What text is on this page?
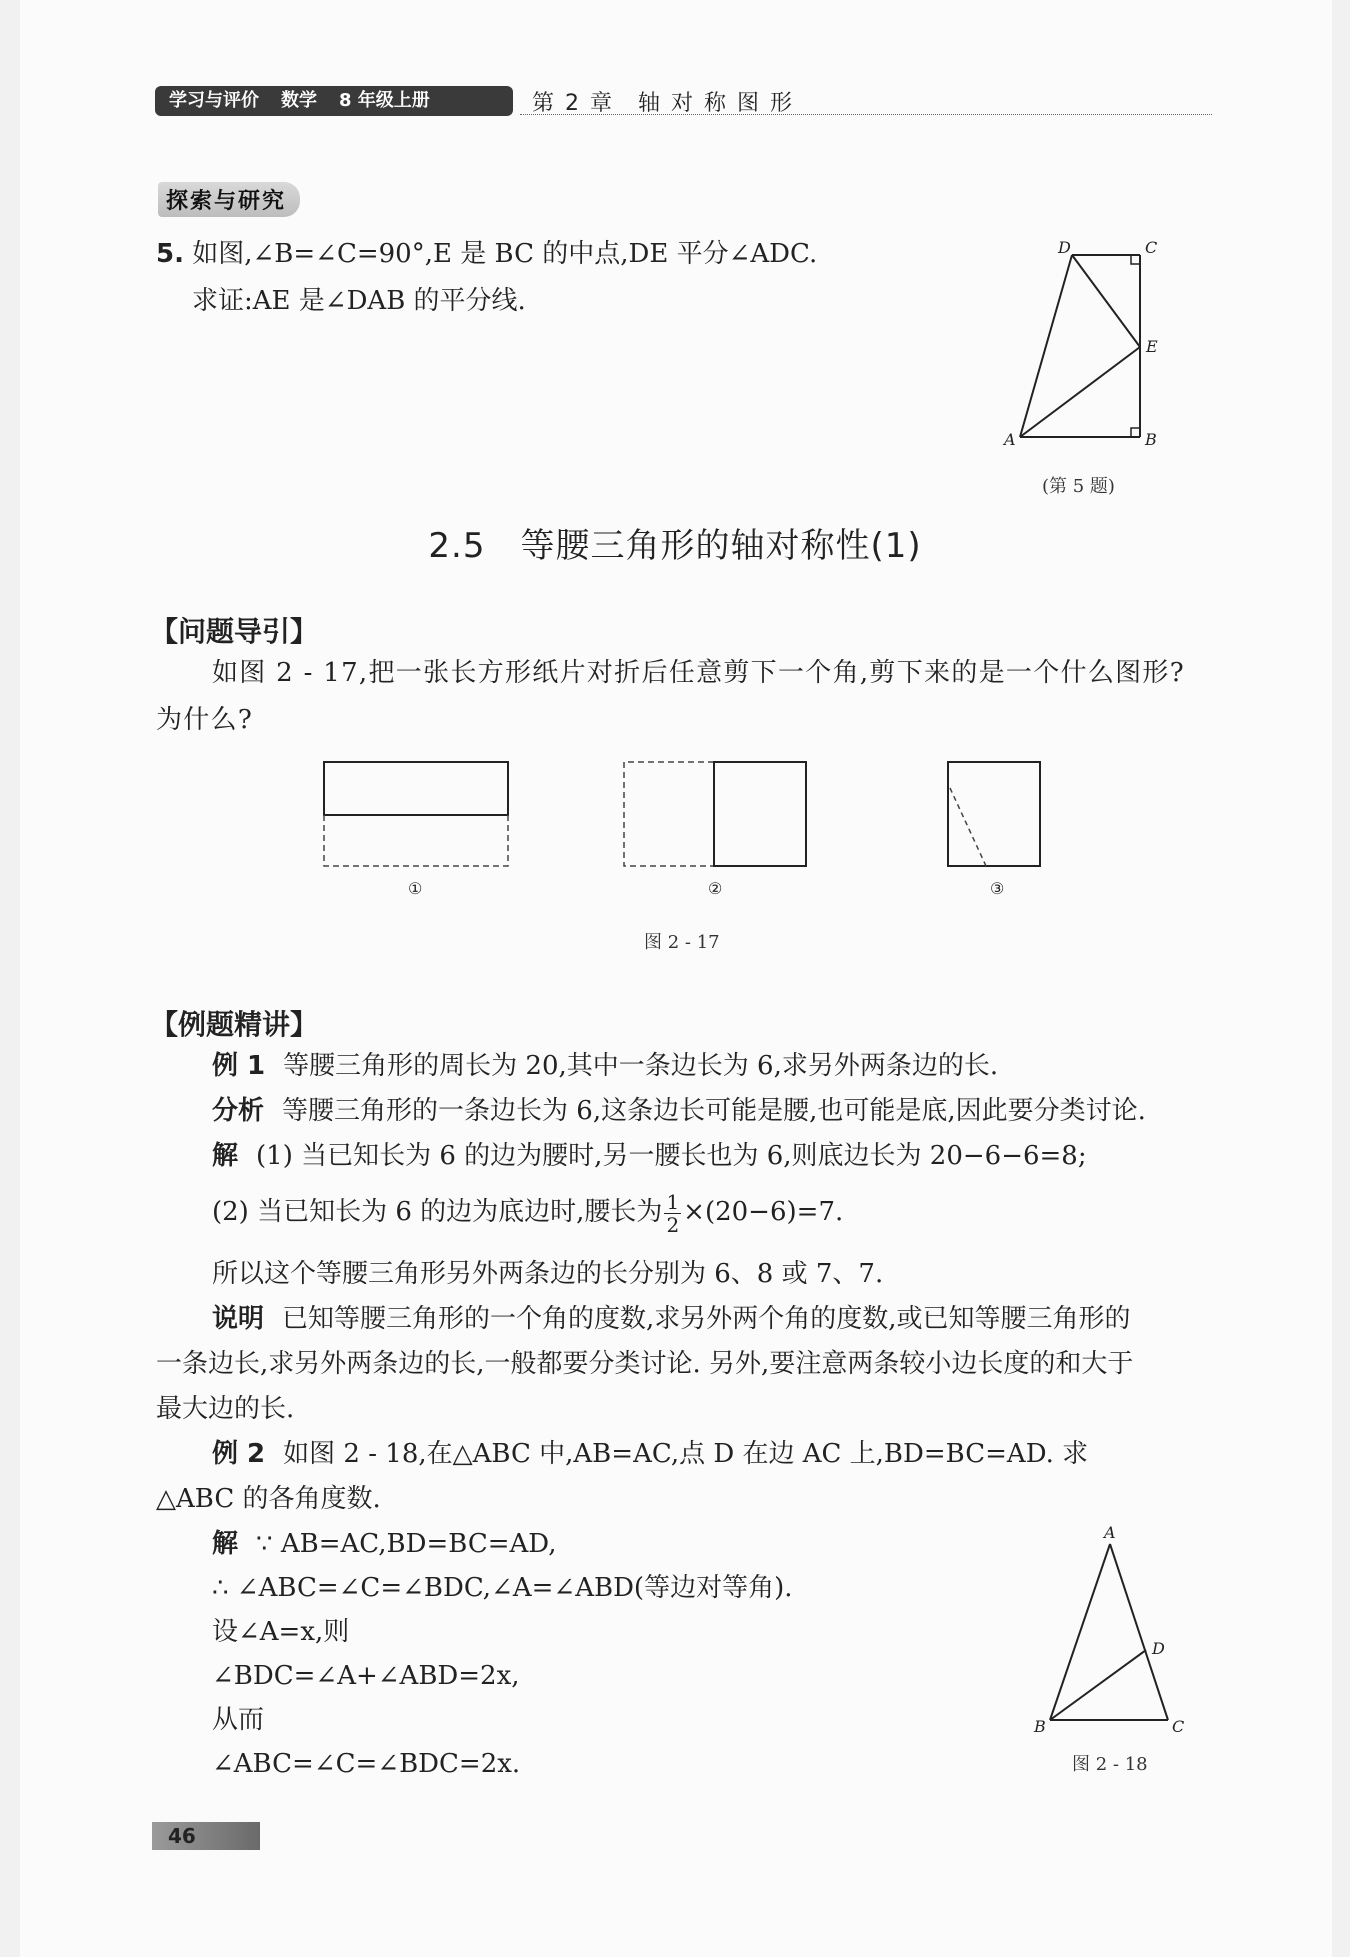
学习与评价 数学 8 年级上册	第 2 章　轴 对 称 图 形
探索与研究
5. 如图,∠B=∠C=90°,E 是 BC 的中点,DE 平分∠ADC.
求证:AE 是∠DAB 的平分线.
D	C
E
A	B
(第 5 题)
2.5　等腰三角形的轴对称性(1)
【问题导引】
如图 2 - 17,把一张长方形纸片对折后任意剪下一个角,剪下来的是一个什么图形?
为什么?
①	②	③
图 2 - 17
【例题精讲】
例 1 等腰三角形的周长为 20,其中一条边长为 6,求另外两条边的长.
分析 等腰三角形的一条边长为 6,这条边长可能是腰,也可能是底,因此要分类讨论.
解 (1) 当已知长为 6 的边为腰时,另一腰长也为 6,则底边长为 20−6−6=8;
(2) 当已知长为 6 的边为底边时,腰长为 $\frac{1}{2} \times(20-6)=7$.
所以这个等腰三角形另外两条边的长分别为 6、8 或 7、7.
说明 已知等腰三角形的一个角的度数,求另外两个角的度数,或已知等腰三角形的
一条边长,求另外两条边的长,一般都要分类讨论. 另外,要注意两条较小边长度的和大于
最大边的长.
例 2 如图 2 - 18,在△ABC 中,AB=AC,点 D 在边 AC 上,BD=BC=AD. 求
△ABC 的各角度数.
解 ∵ AB=AC,BD=BC=AD,
∴ ∠ABC=∠C=∠BDC,∠A=∠ABD(等边对等角).
设∠A=x,则
∠BDC=∠A+∠ABD=2x,
从而
∠ABC=∠C=∠BDC=2x.
A
B	C
D
图 2 - 18
46
